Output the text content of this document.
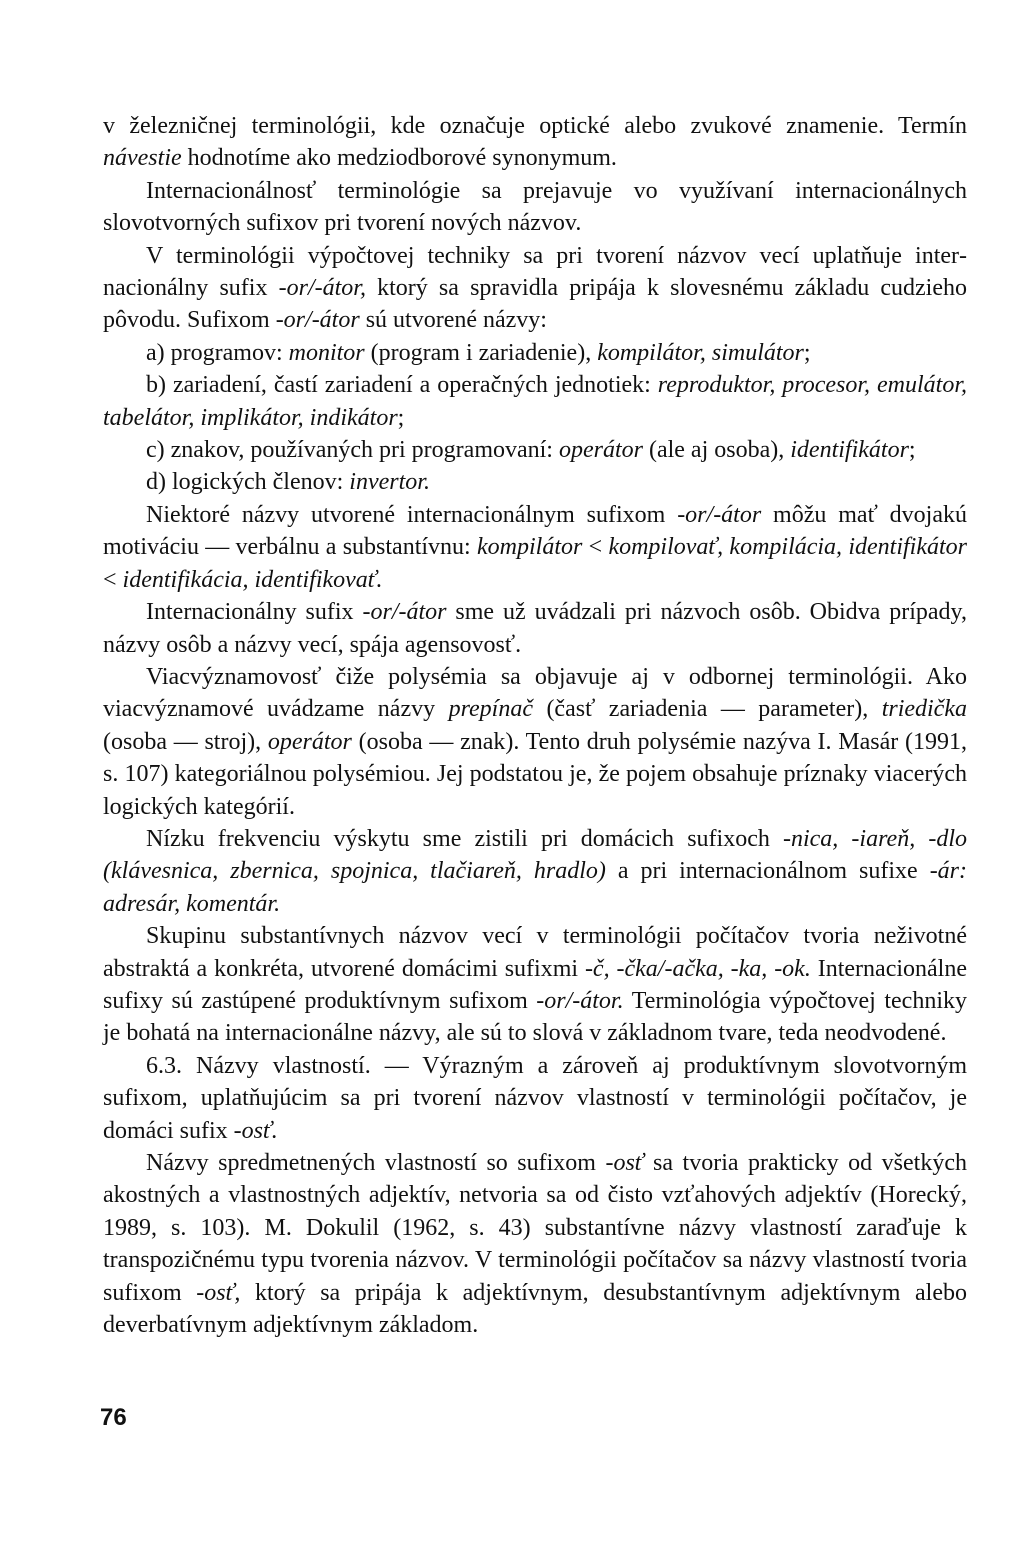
v železničnej terminológii, kde označuje optické alebo zvukové znamenie. Termín návestie hodnotíme ako medziodborové synonymum.

Internacionálnosť terminológie sa prejavuje vo využívaní internacionálnych slovotvorných sufixov pri tvorení nových názvov.

V terminológii výpočtovej techniky sa pri tvorení názvov vecí uplatňuje internacionálny sufix -or/-átor, ktorý sa spravidla pripája k slovesnému základu cudzieho pôvodu. Sufixom -or/-átor sú utvorené názvy:

a) programov: monitor (program i zariadenie), kompilátor, simulátor;

b) zariadení, častí zariadení a operačných jednotiek: reproduktor, procesor, emulátor, tabelátor, implikátor, indikátor;

c) znakov, používaných pri programovaní: operátor (ale aj osoba), identifikátor;

d) logických členov: invertor.

Niektoré názvy utvorené internacionálnym sufixom -or/-átor môžu mať dvojakú motiváciu — verbálnu a substantívnu: kompilátor < kompilovať, kompilácia, identifikátor < identifikácia, identifikovať.

Internacionálny sufix -or/-átor sme už uvádzali pri názvoch osôb. Obidva prípady, názvy osôb a názvy vecí, spája agensovosť.

Viacvýznamovosť čiže polysémia sa objavuje aj v odbornej terminológii. Ako viacvýznamové uvádzame názvy prepínač (časť zariadenia — parameter), triedička (osoba — stroj), operátor (osoba — znak). Tento druh polysémie nazýva I. Masár (1991, s. 107) kategoriálnou polysémiou. Jej podstatou je, že pojem obsahuje príznaky viacerých logických kategórií.

Nízku frekvenciu výskytu sme zistili pri domácich sufixoch -nica, -iareň, -dlo (klávesnica, zbernica, spojnica, tlačiareň, hradlo) a pri internacionálnom sufixe -ár: adresár, komentár.

Skupinu substantívnych názvov vecí v terminológii počítačov tvoria neživotné abstraktá a konkréta, utvorené domácimi sufixmi -č, -čka/-ačka, -ka, -ok. Internacionálne sufixy sú zastúpené produktívnym sufixom -or/-átor. Terminológia výpočtovej techniky je bohatá na internacionálne názvy, ale sú to slová v základnom tvare, teda neodvodené.

6.3. Názvy vlastností. — Výrazným a zároveň aj produktívnym slovotvorným sufixom, uplatňujúcim sa pri tvorení názvov vlastností v terminológii počítačov, je domáci sufix -osť.

Názvy spredmetnených vlastností so sufixom -osť sa tvoria prakticky od všetkých akostných a vlastnostných adjektív, netvoria sa od čisto vzťahových adjektív (Horecký, 1989, s. 103). M. Dokulil (1962, s. 43) substantívne názvy vlastností zaraďuje k transpozičnému typu tvorenia názvov. V terminológii počítačov sa názvy vlastností tvoria sufixom -osť, ktorý sa pripája k adjektívnym, desubstantívnym adjektívnym alebo deverbatívnym adjektívnym základom.

76
